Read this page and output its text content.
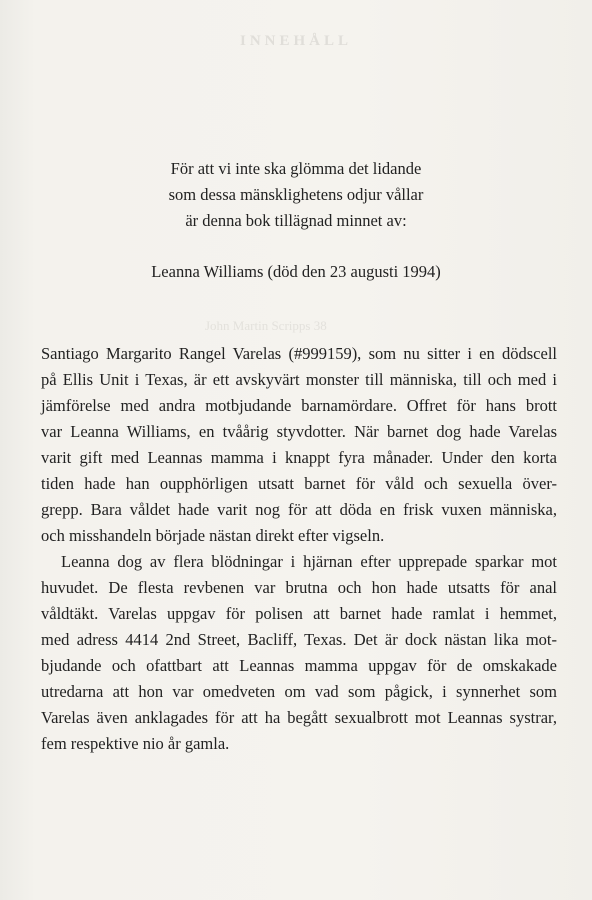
INNEHÅLL
John Martin Scripps 38

För att vi inte ska glömma det lidande

som dessa mänsklighetens odjur vållar

är denna bok tillägnad minnet av:

Leanna Williams (död den 23 augusti 1994)
Santiago Margarito Rangel Varelas (#999159), som nu sitter i en dödscell
på Ellis Unit i Texas, är ett avskyvärt monster till människa, till och med i
jämförelse med andra motbjudande barnamördare. Offret för hans brott
var Leanna Williams, en tvåårig styvdotter. När barnet dog hade Varelas
varit gift med Leannas mamma i knappt fyra månader. Under den korta
tiden hade han oupphörligen utsatt barnet för våld och sexuella över-
grepp. Bara våldet hade varit nog för att döda en frisk vuxen människa,
och misshandeln började nästan direkt efter vigseln.
Leanna dog av flera blödningar i hjärnan efter upprepade sparkar mot
huvudet. De flesta revbenen var brutna och hon hade utsatts för anal
våldtäkt. Varelas uppgav för polisen att barnet hade ramlat i hemmet,
med adress 4414 2nd Street, Bacliff, Texas. Det är dock nästan lika mot-
bjudande och ofattbart att Leannas mamma uppgav för de omskakade
utredarna att hon var omedveten om vad som pågick, i synnerhet som
Varelas även anklagades för att ha begått sexualbrott mot Leannas systrar,
fem respektive nio år gamla.
